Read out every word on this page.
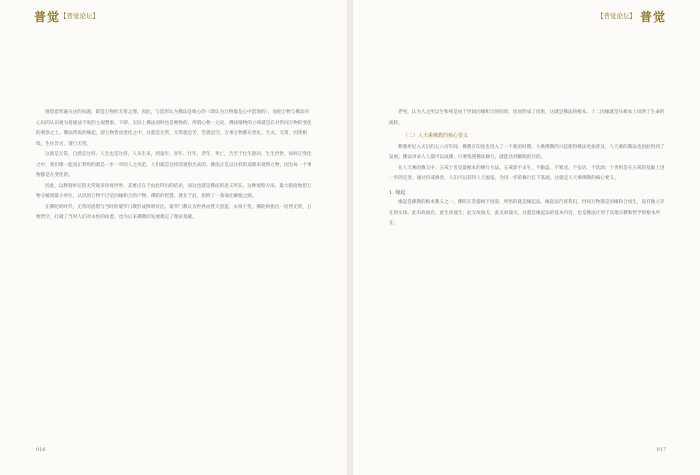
普觉 【普觉论坛】

围绕着普遍关注的问题，即造万物的无常之理。因此，与造形认为佛法是唯心的（即认为万物都是心中造现的），而把万物与佛法对心识的认识视为普通法不度的主观想象。下即，实际上佛法同时也是唯物的，所谓心物一元论，佛法唯物的立场就是在对世间万物的变化的观察之上。佛法所说的缘起，即万物皆由变化之中，这就是无常，无常就是苦，苦就是空。万事万物都在变化、生灭、无常，因果相续，生住异灭，诸行无常。

这就是无常、自然是这样。人生也是这样，人从生来，到童年、青年、壮年、老年、死亡，乃至于往生轮回，生生世世，如何在变化之中，我们唯一能真正利用的就是一步一步的人之风范，人们就是这样的观察出来的。佛法正是以这样的道理来观察万物，因为每一个事物都是在变化的。

因此，以释迦牟尼的无常观来审视世界，其要点在于由此得出的结论，而这也就是佛法的意义所在。这种观察方法，最大限度地把万物分解到最小单位，认识到万物不过是因缘和合的产物。佛陀的智慧，就在于此，指明了一条通往解脱之路。

在佛陀的时代，无常的思想与当时的婆罗门教形成鲜明对比。婆罗门教认为世界由梵天创造，永恒不变。佛陀则指出一切皆无常，万物皆空，打破了当时人们对永恒的执着，也为后来佛教的发展奠定了理论基础。

016
【普觉论坛】 普觉

老死，认为人之所以生和死是由于世间因缘和合的结果，因而形成了因果，这就是佛法的根本。十二因缘就是从根本上说明了生命的流转。

（二）人天乘佛教的核心要义

释迦牟尼入灭后约五六百年间，佛教在印度也进入了一个新的时期。大乘佛教的兴起使得佛法更加普及，人天乘的教法也因此得到了发展。佛法讲求人人都可以成佛，只要依照佛法修行，就能达到解脱的目的。

在人天乘的教义中，五戒十善是最根本的修行方法。五戒即不杀生、不偷盗、不邪淫、不妄语、不饮酒；十善则是在五戒的基础上进一步的完善。通过持戒修善，人们可以获得人天福报，为进一步的修行打下基础。这就是人天乘佛教的核心要义。

1. 缘起

缘起是佛教的根本教义之一。佛陀在菩提树下悟道，所悟的就是缘起法。缘起法告诉我们，世间万物都是因缘和合而生，没有独立存在的实体。此有故彼有，此生故彼生；此无故彼无，此灭故彼灭。这就是缘起法的基本内容，也是佛法区别于其他宗教和哲学的根本所在。

017
